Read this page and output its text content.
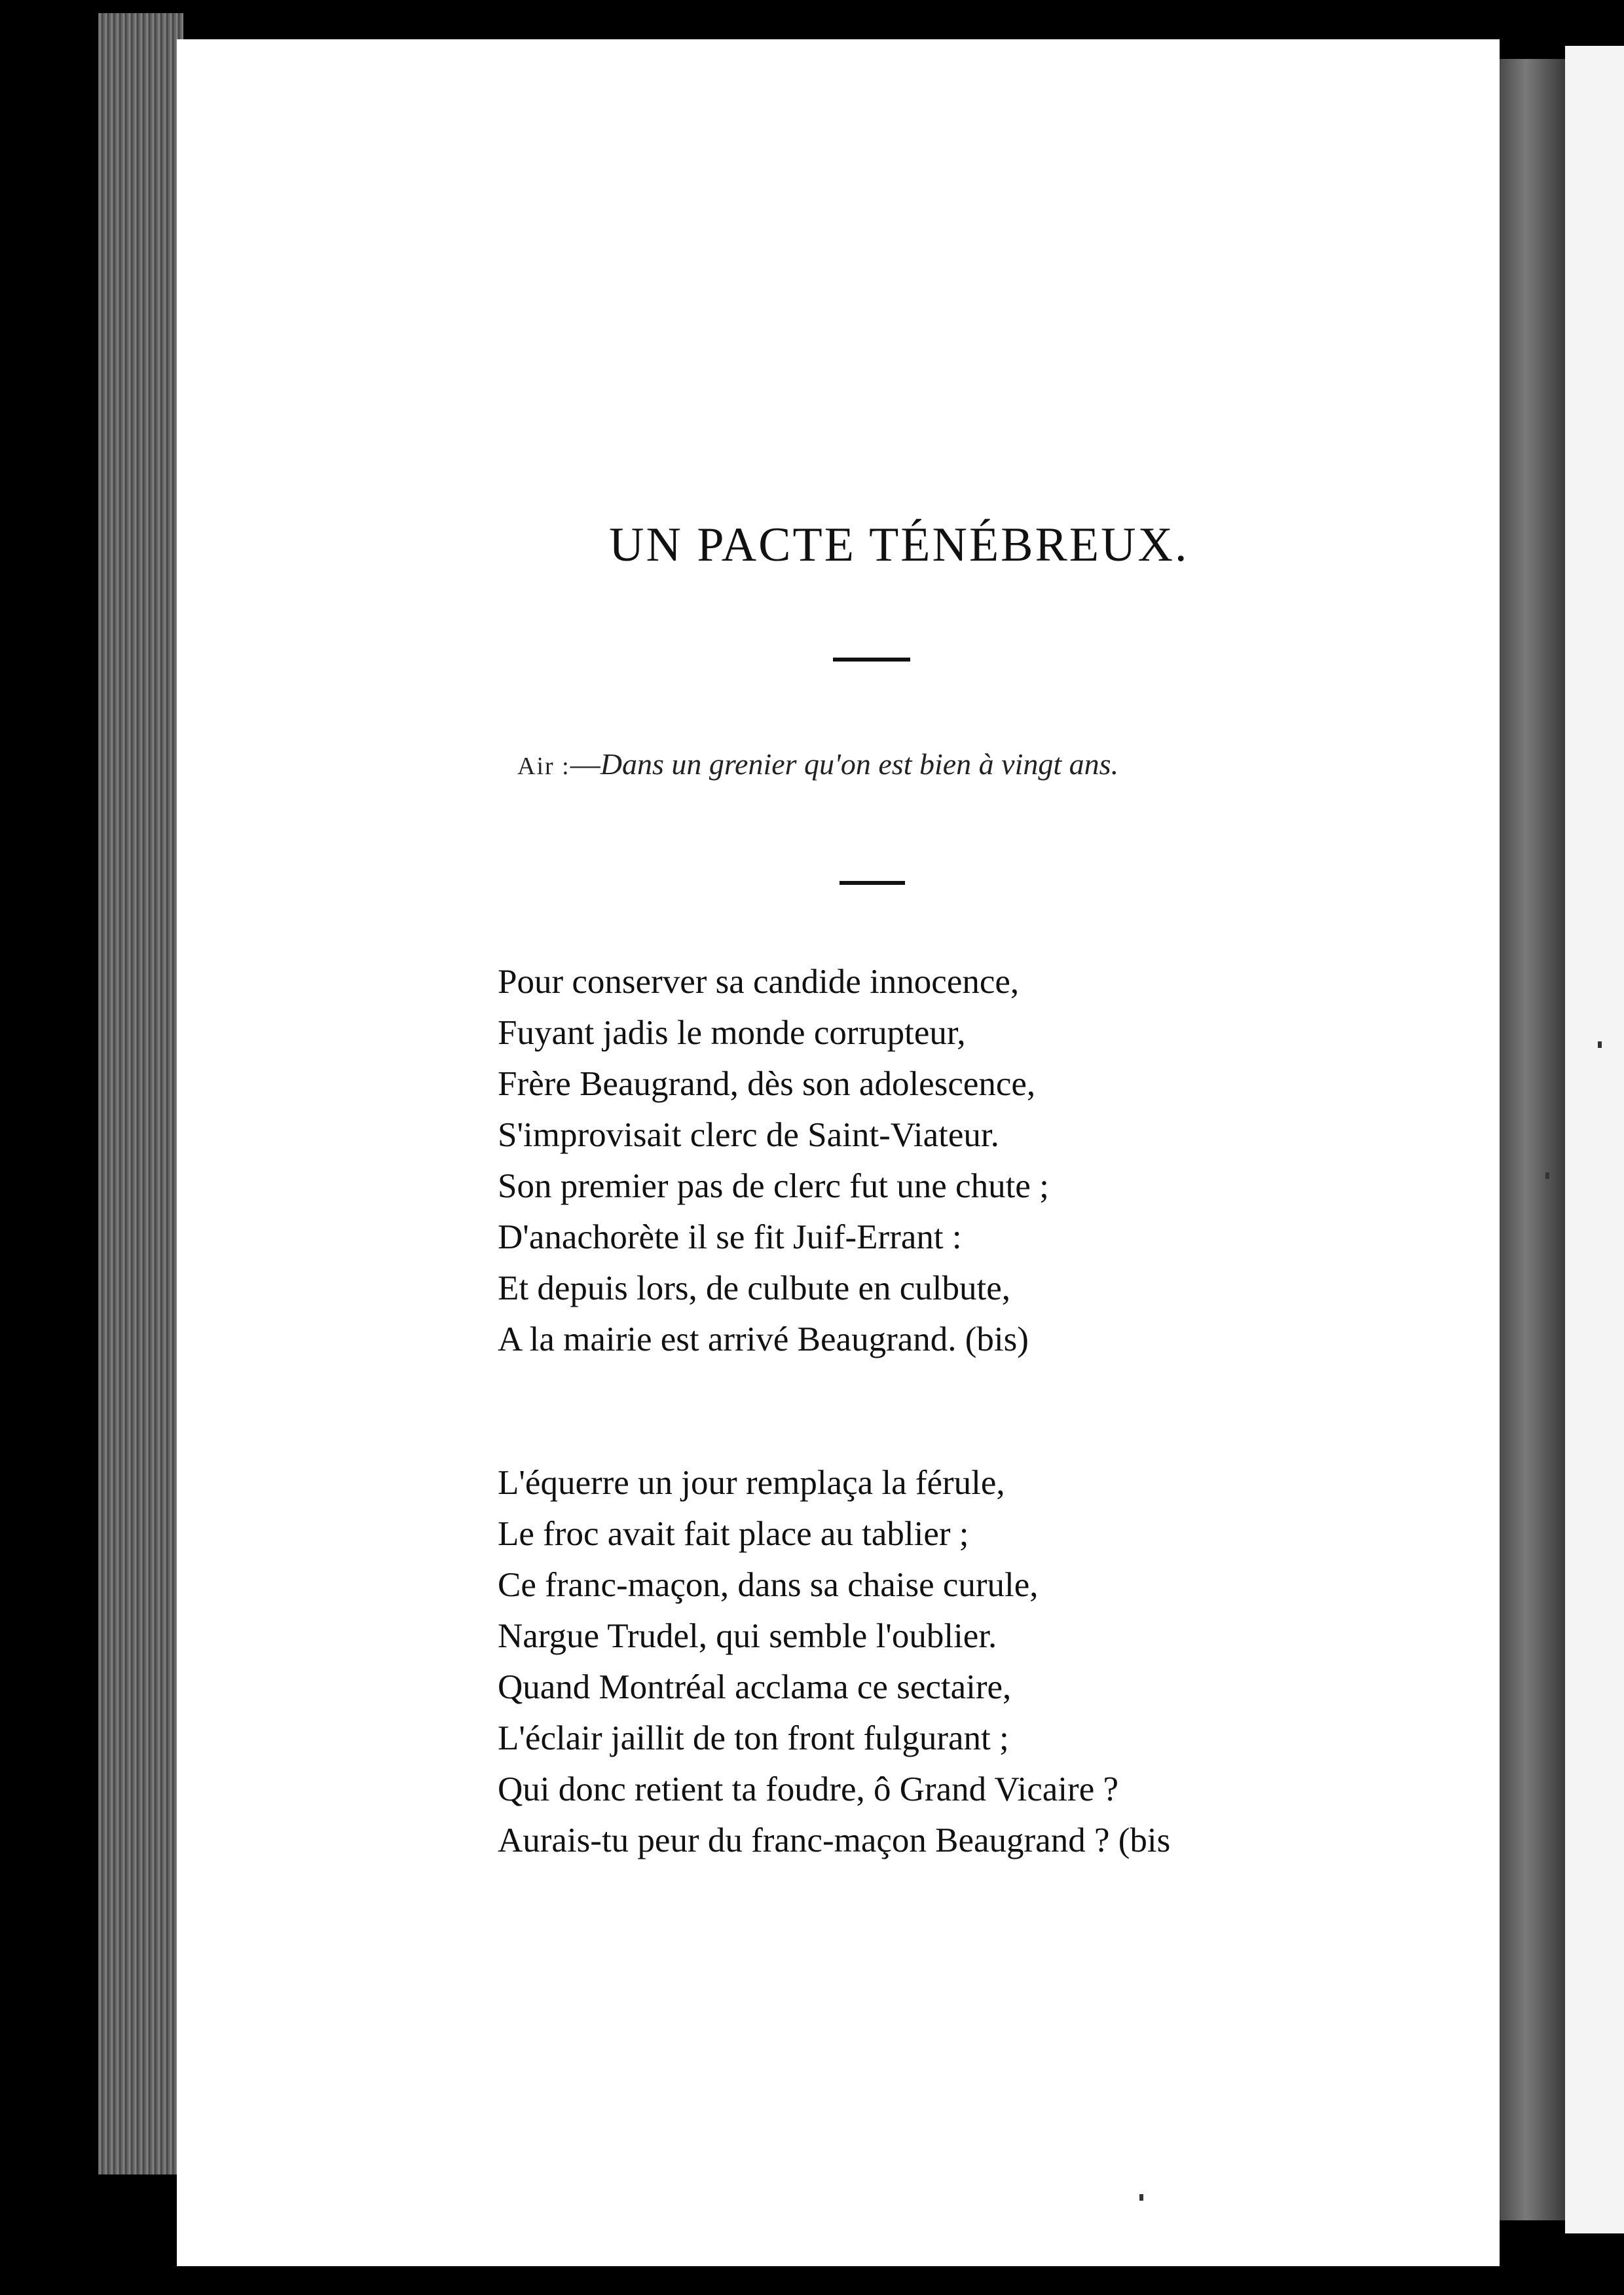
UN PACTE TÉNÉBREUX.
Air :—Dans un grenier qu'on est bien à vingt ans.
Pour conserver sa candide innocence,
Fuyant jadis le monde corrupteur,
Frère Beaugrand, dès son adolescence,
S'improvisait clerc de Saint-Viateur.
Son premier pas de clerc fut une chute ;
D'anachorète il se fit Juif-Errant :
Et depuis lors, de culbute en culbute,
A la mairie est arrivé Beaugrand. (bis)
L'équerre un jour remplaça la férule,
Le froc avait fait place au tablier ;
Ce franc-maçon, dans sa chaise curule,
Nargue Trudel, qui semble l'oublier.
Quand Montréal acclama ce sectaire,
L'éclair jaillit de ton front fulgurant ;
Qui donc retient ta foudre, ô Grand Vicaire ?
Aurais-tu peur du franc-maçon Beaugrand ? (bis
